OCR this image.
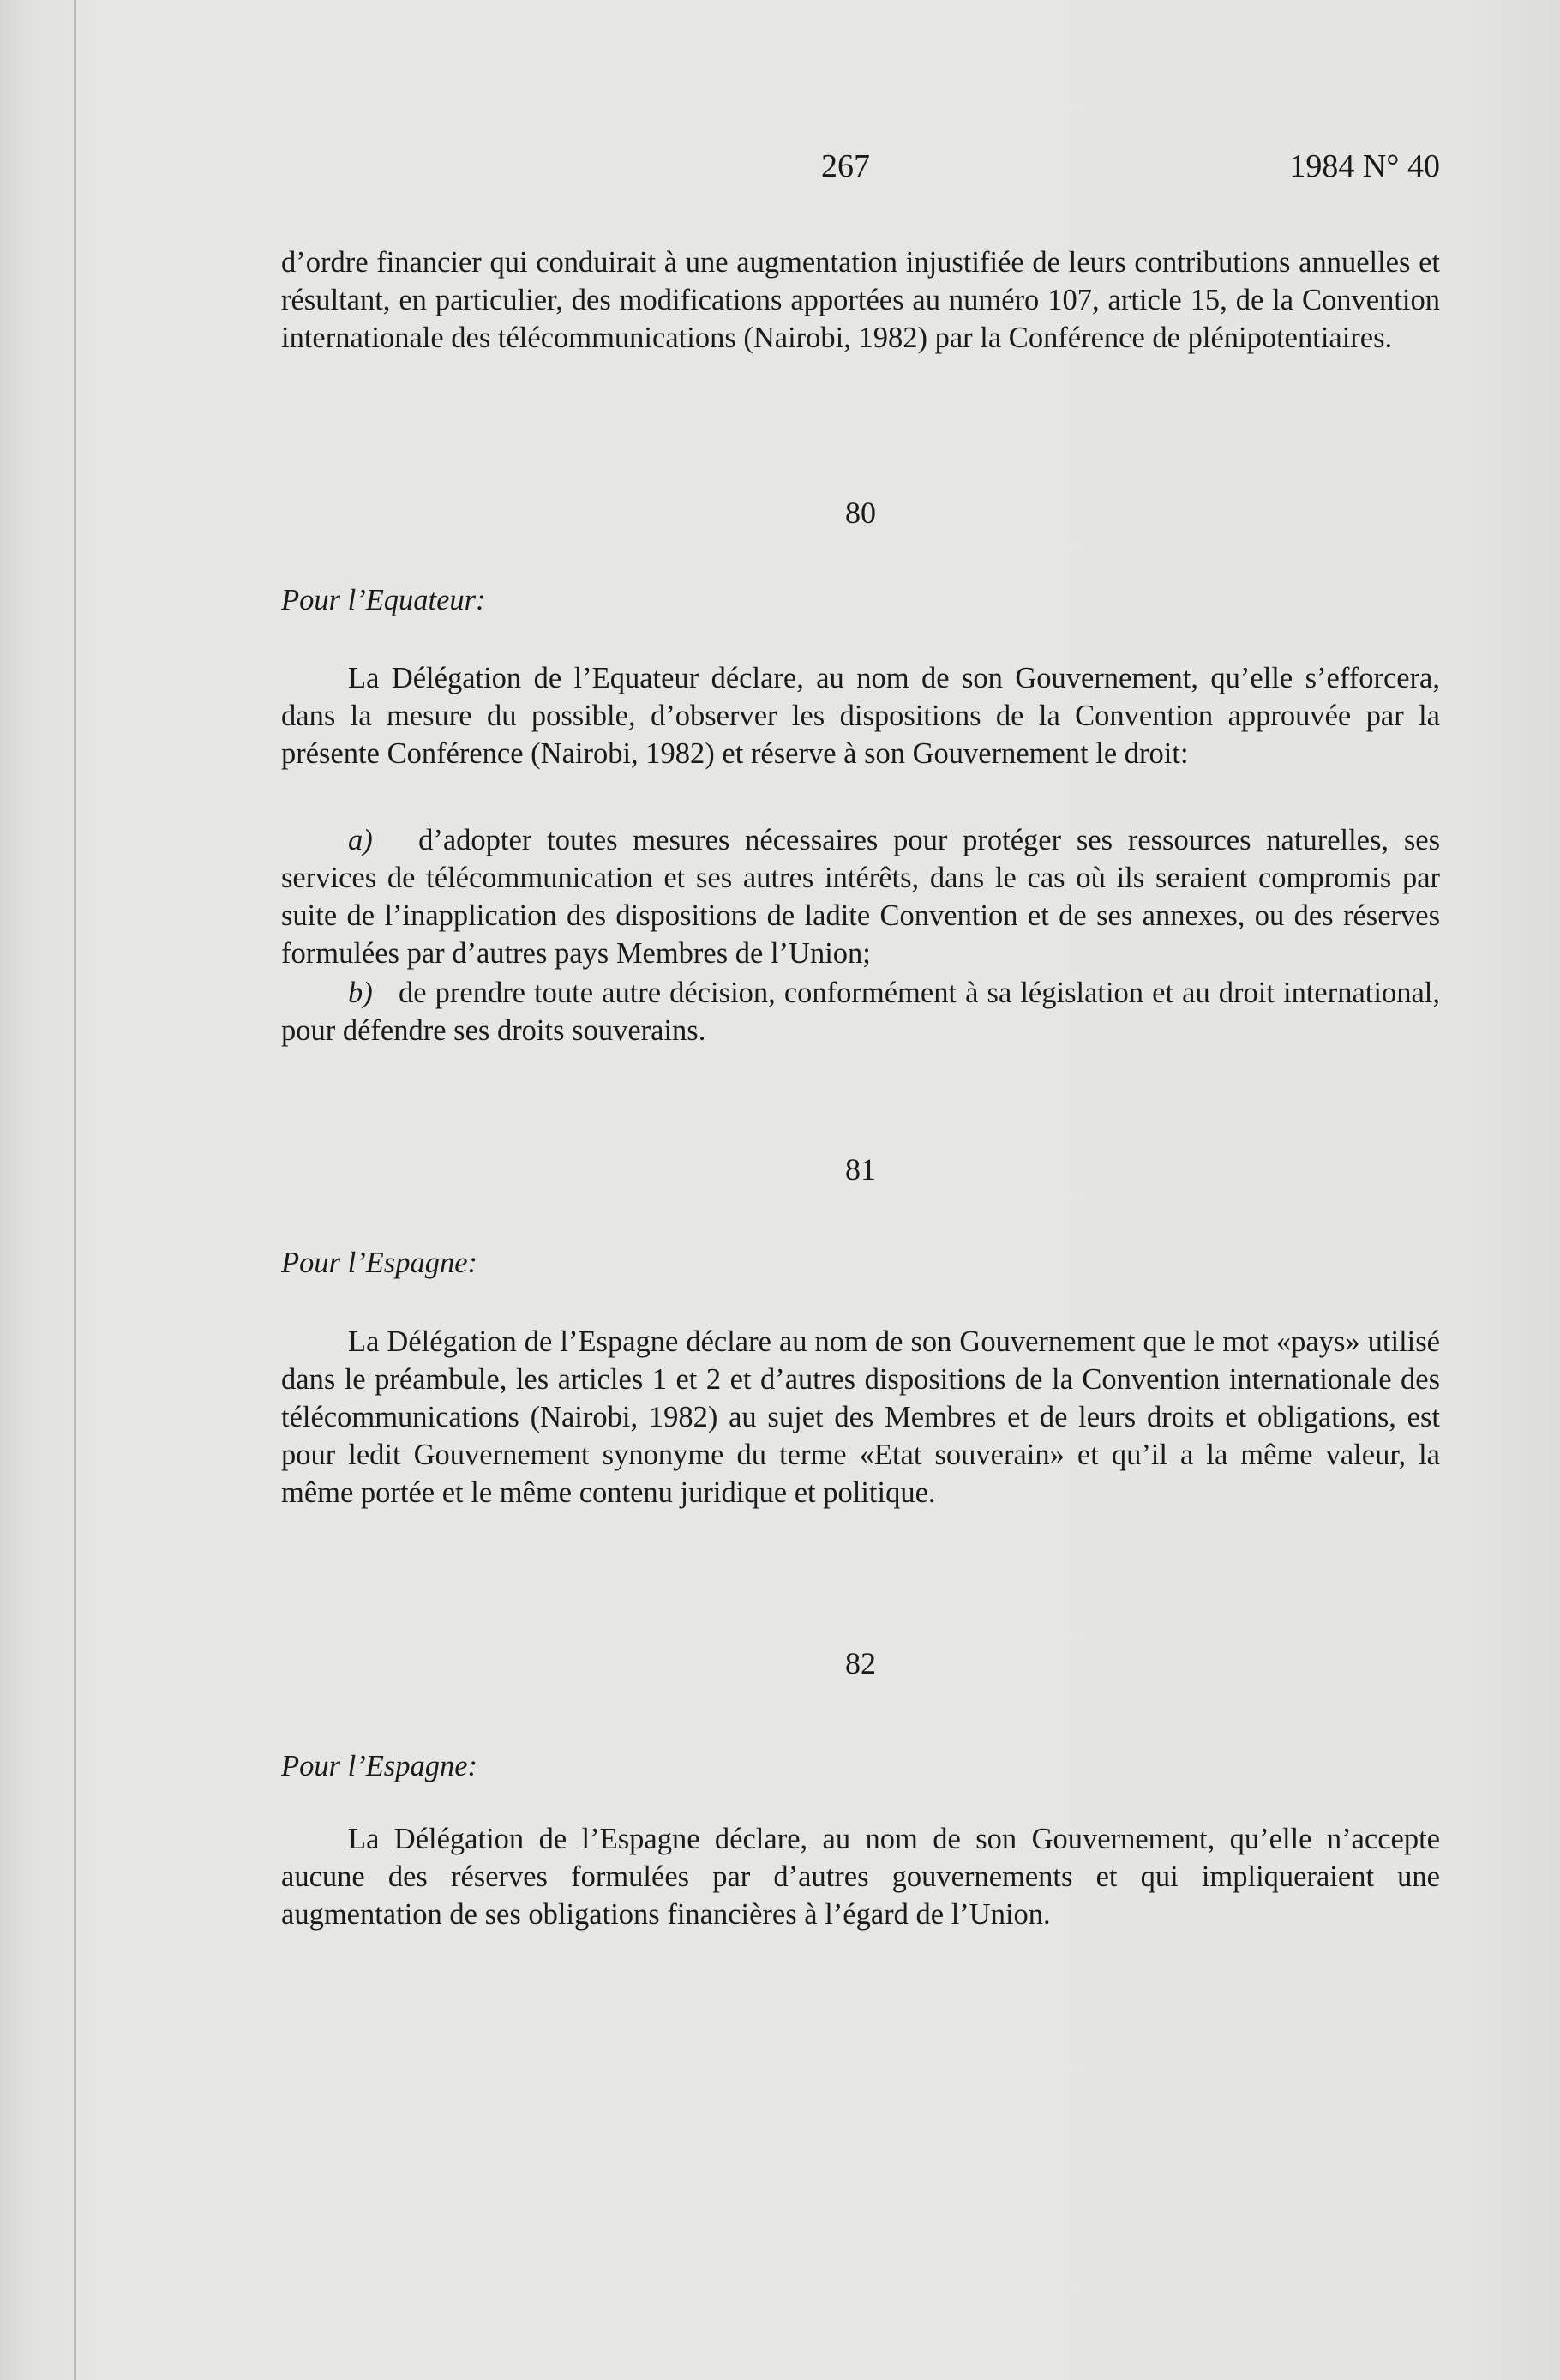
267	1984 N° 40

d’ordre financier qui conduirait à une augmentation injustifiée de leurs contributions annuelles et résultant, en particulier, des modifications apportées au numéro 107, article 15, de la Convention internationale des télécommunications (Nairobi, 1982) par la Conférence de plénipotentiaires.

80
Pour l’Equateur:

La Délégation de l’Equateur déclare, au nom de son Gouvernement, qu’elle s’efforcera, dans la mesure du possible, d’observer les dispositions de la Convention approuvée par la présente Conférence (Nairobi, 1982) et réserve à son Gouvernement le droit:

a) d’adopter toutes mesures nécessaires pour protéger ses ressources naturelles, ses services de télécommunication et ses autres intérêts, dans le cas où ils seraient compromis par suite de l’inapplication des dispositions de ladite Convention et de ses annexes, ou des réserves formulées par d’autres pays Membres de l’Union;

b) de prendre toute autre décision, conformément à sa législation et au droit international, pour défendre ses droits souverains.

81
Pour l’Espagne:

La Délégation de l’Espagne déclare au nom de son Gouvernement que le mot «pays» utilisé dans le préambule, les articles 1 et 2 et d’autres dispositions de la Convention internationale des télécommunications (Nairobi, 1982) au sujet des Membres et de leurs droits et obligations, est pour ledit Gouvernement synonyme du terme «Etat souverain» et qu’il a la même valeur, la même portée et le même contenu juridique et politique.

82
Pour l’Espagne:

La Délégation de l’Espagne déclare, au nom de son Gouvernement, qu’elle n’accepte aucune des réserves formulées par d’autres gouvernements et qui impliqueraient une augmentation de ses obligations financières à l’égard de l’Union.
